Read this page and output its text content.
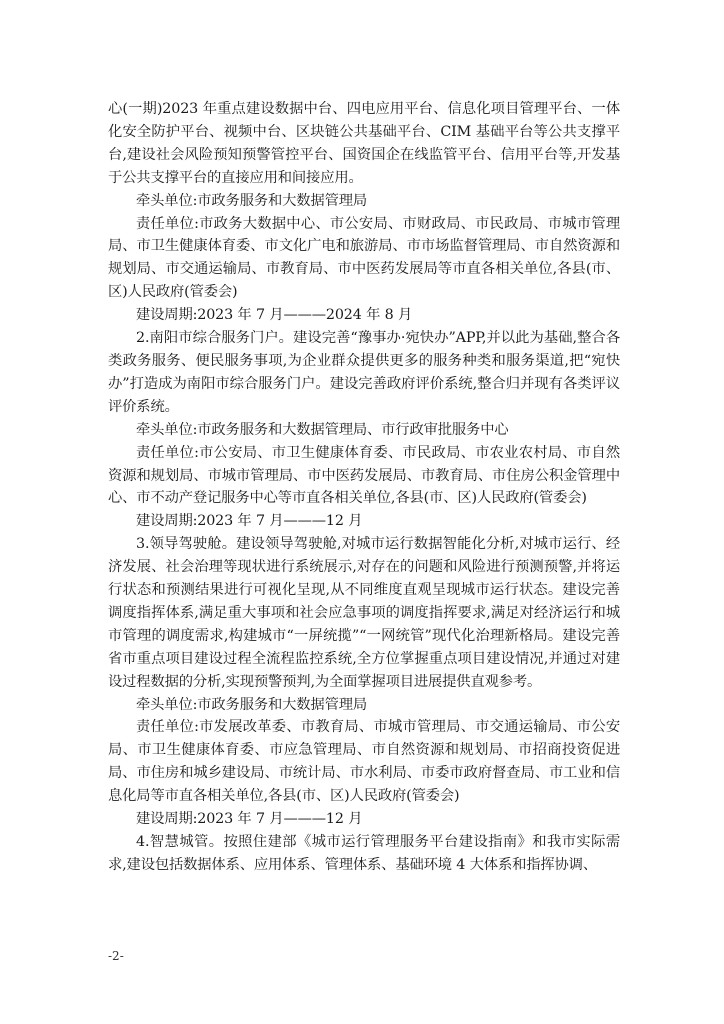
心(一期)2023 年重点建设数据中台、四电应用平台、信息化项目管理平台、一体化安全防护平台、视频中台、区块链公共基础平台、CIM 基础平台等公共支撑平台,建设社会风险预知预警管控平台、国资国企在线监管平台、信用平台等,开发基于公共支撑平台的直接应用和间接应用。

牵头单位:市政务服务和大数据管理局

责任单位:市政务大数据中心、市公安局、市财政局、市民政局、市城市管理局、市卫生健康体育委、市文化广电和旅游局、市市场监督管理局、市自然资源和规划局、市交通运输局、市教育局、市中医药发展局等市直各相关单位,各县(市、区)人民政府(管委会)

建设周期:2023 年 7 月———2024 年 8 月

2.南阳市综合服务门户。建设完善“豫事办·宛快办”APP,并以此为基础,整合各类政务服务、便民服务事项,为企业群众提供更多的服务种类和服务渠道,把“宛快办”打造成为南阳市综合服务门户。建设完善政府评价系统,整合归并现有各类评议评价系统。

牵头单位:市政务服务和大数据管理局、市行政审批服务中心

责任单位:市公安局、市卫生健康体育委、市民政局、市农业农村局、市自然资源和规划局、市城市管理局、市中医药发展局、市教育局、市住房公积金管理中心、市不动产登记服务中心等市直各相关单位,各县(市、区)人民政府(管委会)

建设周期:2023 年 7 月———12 月

3.领导驾驶舱。建设领导驾驶舱,对城市运行数据智能化分析,对城市运行、经济发展、社会治理等现状进行系统展示,对存在的问题和风险进行预测预警,并将运行状态和预测结果进行可视化呈现,从不同维度直观呈现城市运行状态。建设完善调度指挥体系,满足重大事项和社会应急事项的调度指挥要求,满足对经济运行和城市管理的调度需求,构建城市“一屏统揽”“一网统管”现代化治理新格局。建设完善省市重点项目建设过程全流程监控系统,全方位掌握重点项目建设情况,并通过对建设过程数据的分析,实现预警预判,为全面掌握项目进展提供直观参考。

牵头单位:市政务服务和大数据管理局

责任单位:市发展改革委、市教育局、市城市管理局、市交通运输局、市公安局、市卫生健康体育委、市应急管理局、市自然资源和规划局、市招商投资促进局、市住房和城乡建设局、市统计局、市水利局、市委市政府督查局、市工业和信息化局等市直各相关单位,各县(市、区)人民政府(管委会)

建设周期:2023 年 7 月———12 月

4.智慧城管。按照住建部《城市运行管理服务平台建设指南》和我市实际需求,建设包括数据体系、应用体系、管理体系、基础环境 4 大体系和指挥协调、

-2-
